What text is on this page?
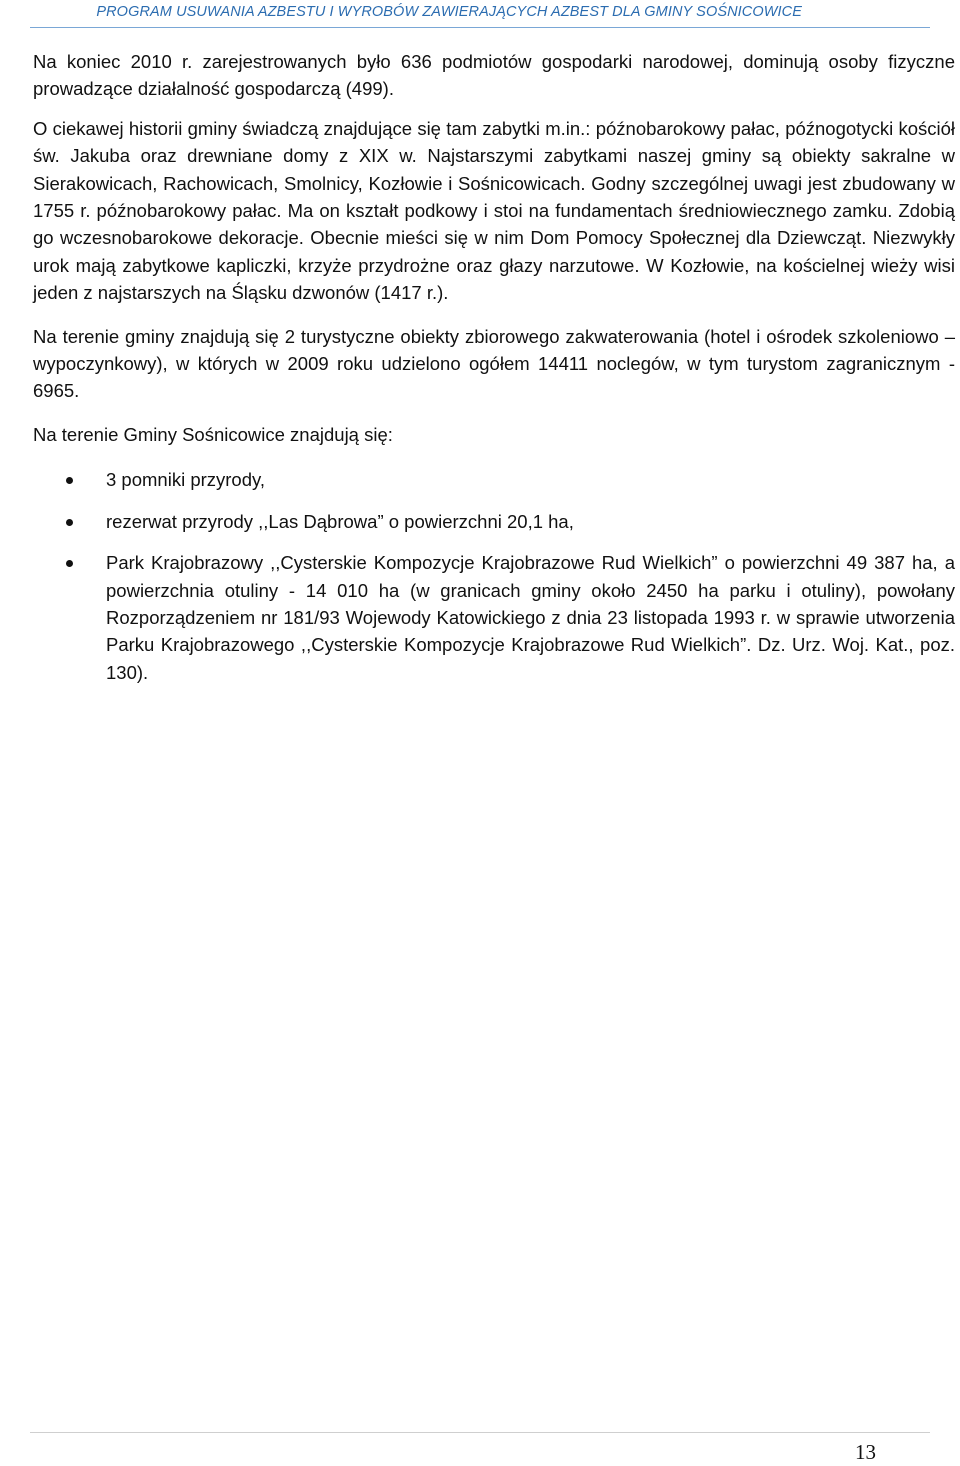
PROGRAM USUWANIA AZBESTU I WYROBÓW ZAWIERAJĄCYCH AZBEST DLA GMINY SOŚNICOWICE

Na koniec 2010 r. zarejestrowanych było 636 podmiotów gospodarki narodowej, dominują osoby fizyczne prowadzące działalność gospodarczą (499).

O ciekawej historii gminy świadczą znajdujące się tam zabytki m.in.: późnobarokowy pałac, późnogotycki kościół św. Jakuba oraz drewniane domy z XIX w. Najstarszymi zabytkami naszej gminy są obiekty sakralne w Sierakowicach, Rachowicach, Smolnicy, Kozłowie i Sośnicowicach. Godny szczególnej uwagi jest zbudowany w 1755 r. późnobarokowy pałac. Ma on kształt podkowy i stoi na fundamentach średniowiecznego zamku. Zdobią go wczesnobarokowe dekoracje. Obecnie mieści się w nim Dom Pomocy Społecznej dla Dziewcząt. Niezwykły urok mają zabytkowe kapliczki, krzyże przydrożne oraz głazy narzutowe. W Kozłowie, na kościelnej wieży wisi jeden z najstarszych na Śląsku dzwonów (1417 r.).

Na terenie gminy znajdują się 2 turystyczne obiekty zbiorowego zakwaterowania (hotel i ośrodek szkoleniowo – wypoczynkowy), w których w 2009 roku udzielono ogółem 14411 noclegów, w tym turystom zagranicznym - 6965.

Na terenie Gminy Sośnicowice znajdują się:

3 pomniki przyrody,
rezerwat przyrody ,,Las Dąbrowa” o powierzchni 20,1 ha,
Park Krajobrazowy ,,Cysterskie Kompozycje Krajobrazowe Rud Wielkich” o powierzchni 49 387 ha, a powierzchnia otuliny - 14 010 ha (w granicach gminy około 2450 ha parku i otuliny), powołany Rozporządzeniem nr 181/93 Wojewody Katowickiego z dnia 23 listopada 1993 r. w sprawie utworzenia Parku Krajobrazowego ,,Cysterskie Kompozycje Krajobrazowe Rud Wielkich”. Dz. Urz. Woj. Kat., poz. 130).
13
